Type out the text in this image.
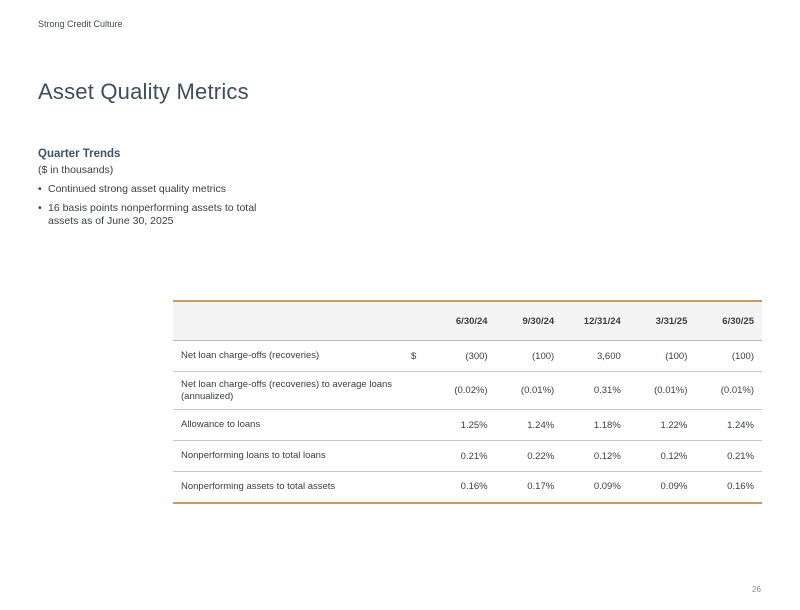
Strong Credit Culture
Asset Quality Metrics
Quarter Trends
($ in thousands)
• Continued strong asset quality metrics
• 16 basis points nonperforming assets to total assets as of June 30, 2025
		6/30/24	9/30/24	12/31/24	3/31/25	6/30/25
Net loan charge-offs (recoveries)	$	(300)	(100)	3,600	(100)	(100)
Net loan charge-offs (recoveries) to average loans (annualized)		(0.02%)	(0.01%)	0.31%	(0.01%)	(0.01%)
Allowance to loans		1.25%	1.24%	1.18%	1.22%	1.24%
Nonperforming loans to total loans		0.21%	0.22%	0.12%	0.12%	0.21%
Nonperforming assets to total assets		0.16%	0.17%	0.09%	0.09%	0.16%
26
